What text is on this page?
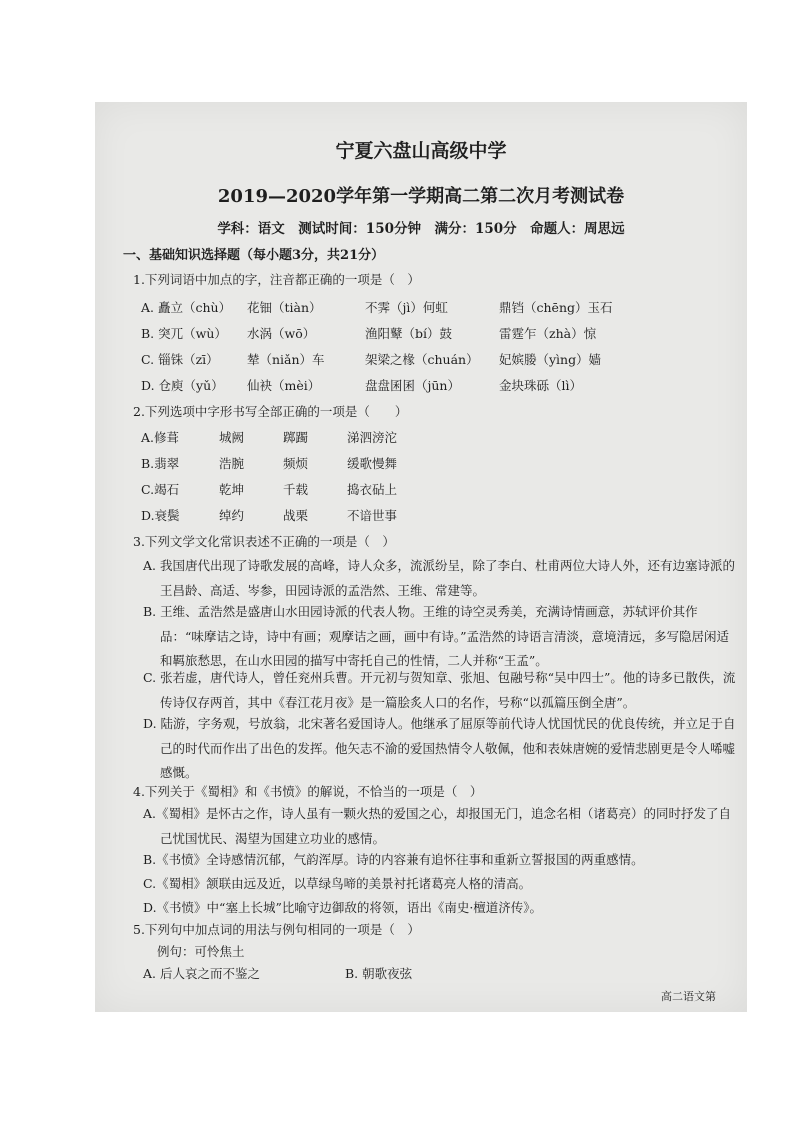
宁夏六盘山高级中学
2019—2020学年第一学期高二第二次月考测试卷
学科：语文　测试时间：150分钟　满分：150分　命题人：周思远
一、基础知识选择题（每小题3分，共21分）
1.下列词语中加点的字，注音都正确的一项是（　）
A. 矗立（chù） 花钿（tiàn）	不霁（jì）何虹	鼎铛（chēng）玉石
B. 突兀（wù） 水涡（wō）	渔阳鼙（bí）鼓	雷霆乍（zhà）惊
C. 锱铢（zī） 辇（niǎn）车	架梁之椽（chuán） 妃嫔媵（yìng）嫱
D. 仓庾（yǔ） 仙袂（mèi）	盘盘囷囷（jūn）	金块珠砾（lì）
2.下列选项中字形书写全部正确的一项是（　　）
A.修葺	城阙	踯躅	涕泗滂沱
B.翡翠	浩腕	频烦	缓歌慢舞
C.竭石	乾坤	千载	捣衣砧上
D.衰鬓	绰约	战栗	不谙世事
3.下列文学文化常识表述不正确的一项是（　）
A. 我国唐代出现了诗歌发展的高峰，诗人众多，流派纷呈，除了李白、杜甫两位大诗人外，还有边塞诗派的王昌龄、高适、岑参，田园诗派的孟浩然、王维、常建等。
B. 王维、孟浩然是盛唐山水田园诗派的代表人物。王维的诗空灵秀美，充满诗情画意，苏轼评价其作品：“味摩诘之诗，诗中有画；观摩诘之画，画中有诗。”孟浩然的诗语言清淡，意境清远，多写隐居闲适和羁旅愁思，在山水田园的描写中寄托自己的性情，二人并称“王孟”。
C. 张若虚，唐代诗人，曾任兖州兵曹。开元初与贺知章、张旭、包融号称“吴中四士”。他的诗多已散佚，流传诗仅存两首，其中《春江花月夜》是一篇脍炙人口的名作，号称“以孤篇压倒全唐”。
D. 陆游，字务观，号放翁，北宋著名爱国诗人。他继承了屈原等前代诗人忧国忧民的优良传统，并立足于自己的时代而作出了出色的发挥。他矢志不渝的爱国热情令人敬佩，他和表妹唐婉的爱情悲剧更是令人唏嘘感慨。
4.下列关于《蜀相》和《书愤》的解说，不恰当的一项是（　）
A.《蜀相》是怀古之作，诗人虽有一颗火热的爱国之心，却报国无门，追念名相（诸葛亮）的同时抒发了自己忧国忧民、渴望为国建立功业的感情。
B.《书愤》全诗感情沉郁，气韵浑厚。诗的内容兼有追怀往事和重新立誓报国的两重感情。
C.《蜀相》颔联由远及近，以草绿鸟啼的美景衬托诸葛亮人格的清高。
D.《书愤》中“塞上长城”比喻守边御敌的将领，语出《南史·檀道济传》。
5.下列句中加点词的用法与例句相同的一项是（　）
例句：可怜焦土
A. 后人哀之而不鉴之	B. 朝歌夜弦
高二语文第
